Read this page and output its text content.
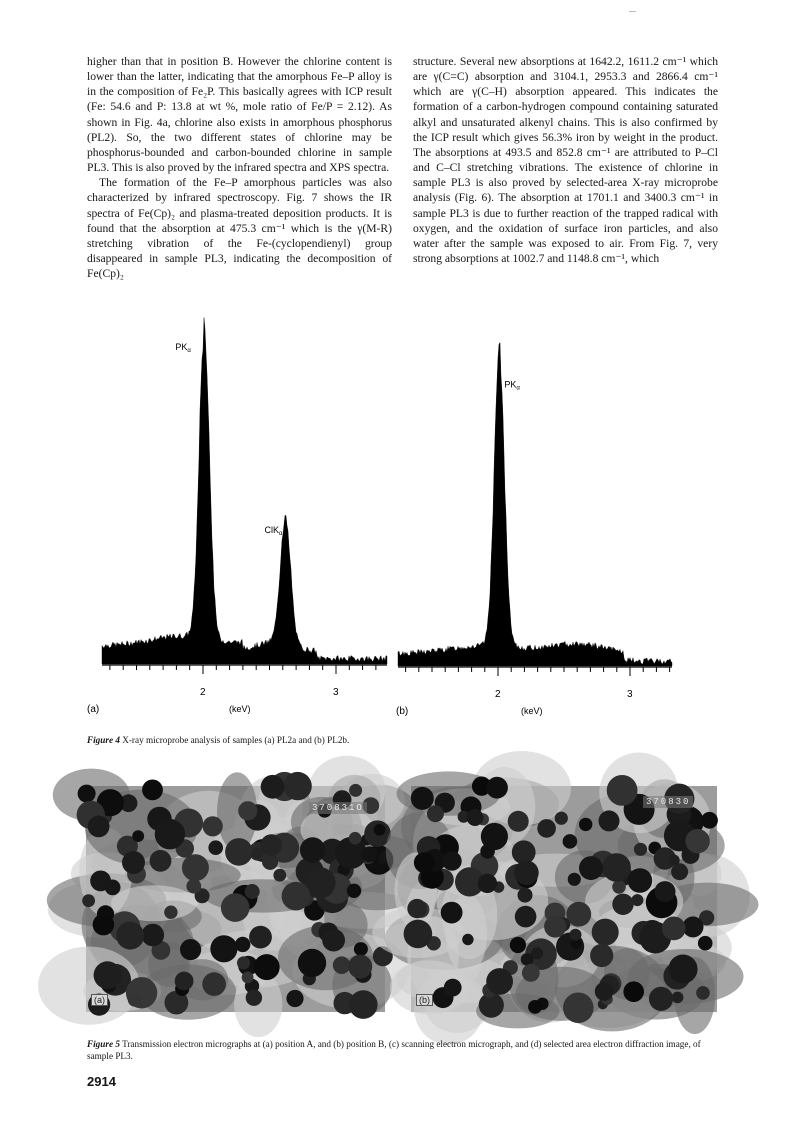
higher than that in position B. However the chlorine content is lower than the latter, indicating that the amorphous Fe–P alloy is in the composition of Fe₂P. This basically agrees with ICP result (Fe: 54.6 and P: 13.8 at wt %, mole ratio of Fe/P = 2.12). As shown in Fig. 4a, chlorine also exists in amorphous phosphorus (PL2). So, the two different states of chlorine may be phosphorus-bounded and carbon-bounded chlorine in sample PL3. This is also proved by the infrared spectra and XPS spectra.

The formation of the Fe–P amorphous particles was also characterized by infrared spectroscopy. Fig. 7 shows the IR spectra of Fe(Cp)₂ and plasma-treated deposition products. It is found that the absorption at 475.3 cm⁻¹ which is the γ(M-R) stretching vibration of the Fe-(cyclopendienyl) group disappeared in sample PL3, indicating the decomposition of Fe(Cp)₂

structure. Several new absorptions at 1642.2, 1611.2 cm⁻¹ which are γ(C=C) absorption and 3104.1, 2953.3 and 2866.4 cm⁻¹ which are γ(C–H) absorption appeared. This indicates the formation of a carbon-hydrogen compound containing saturated alkyl and unsaturated alkenyl chains. This is also confirmed by the ICP result which gives 56.3% iron by weight in the product. The absorptions at 493.5 and 852.8 cm⁻¹ are attributed to P–Cl and C–Cl stretching vibrations. The existence of chlorine in sample PL3 is also proved by selected-area X-ray microprobe analysis (Fig. 6). The absorption at 1701.1 and 3400.3 cm⁻¹ in sample PL3 is due to further reaction of the trapped radical with oxygen, and the oxidation of surface iron particles, and also water after the sample was exposed to air. From Fig. 7, very strong absorptions at 1002.7 and 1148.8 cm⁻¹, which

2	3
$PK_\alpha$
ClK$_\alpha$
2	3
$PK_\alpha$
(a)	(b)
(keV)	(keV)
Figure 4 X-ray microprobe analysis of samples (a) PL2a and (b) PL2b.
370831O
(a)
370830
(b)
Figure 5 Transmission electron micrographs at (a) position A, and (b) position B, (c) scanning electron micrograph, and (d) selected area electron diffraction image, of sample PL3.
2914
